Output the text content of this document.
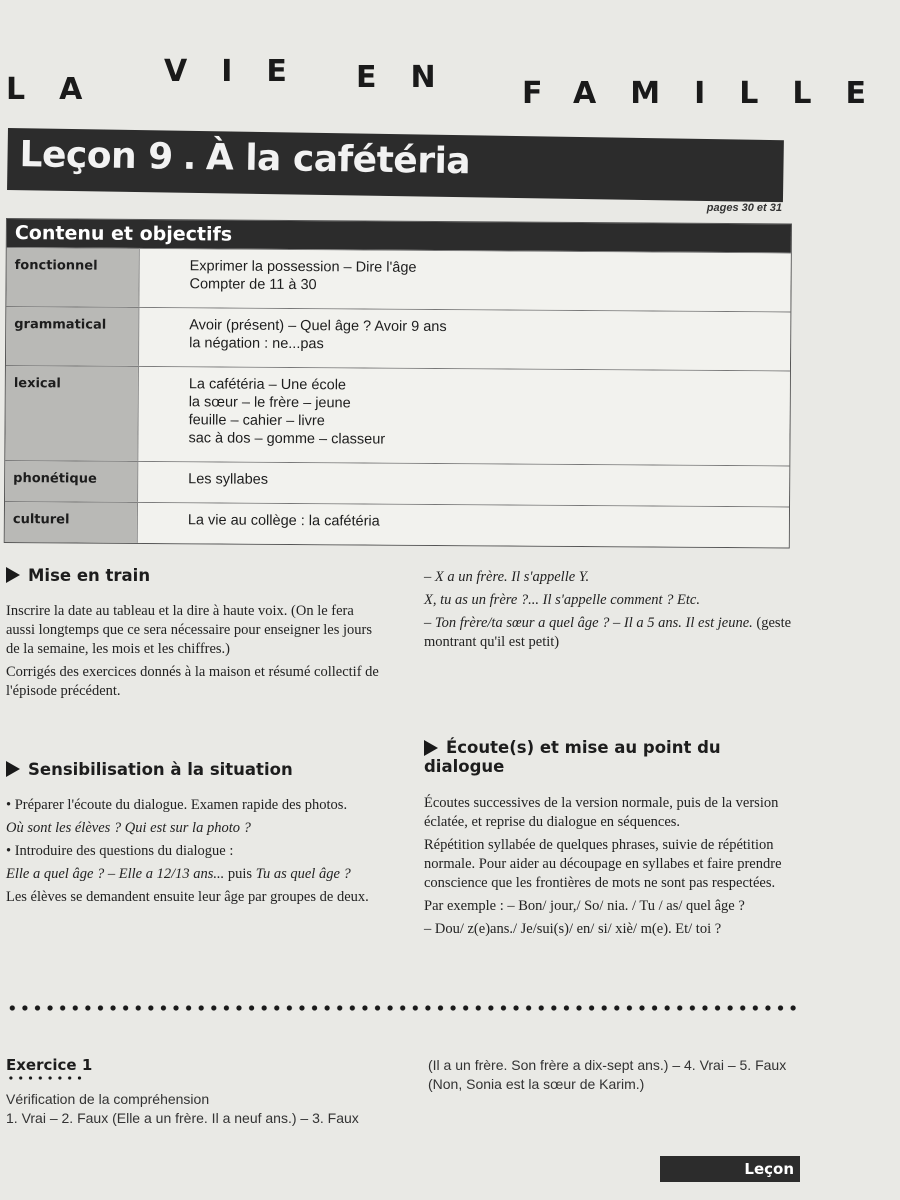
LA
VIE EN FAMILLE
Leçon 9 . À la cafétéria
pages 30 et 31
Contenu et objectifs
fonctionnel	Exprimer la possession – Dire l'âge
Compter de 11 à 30
grammatical	Avoir (présent) – Quel âge ? Avoir 9 ans
la négation : ne...pas
lexical	La cafétéria – Une école
la sœur – le frère – jeune
feuille – cahier – livre
sac à dos – gomme – classeur
phonétique	Les syllabes
culturel	La vie au collège : la cafétéria
Mise en train

Inscrire la date au tableau et la dire à haute voix. (On le fera aussi longtemps que ce sera nécessaire pour enseigner les jours de la semaine, les mois et les chiffres.)

Corrigés des exercices donnés à la maison et résumé collectif de l'épisode précédent.

Sensibilisation à la situation

• Préparer l'écoute du dialogue. Examen rapide des photos.

Où sont les élèves ? Qui est sur la photo ?

• Introduire des questions du dialogue :

Elle a quel âge ? – Elle a 12/13 ans... puis Tu as quel âge ?

Les élèves se demandent ensuite leur âge par groupes de deux.

– X a un frère. Il s'appelle Y.

X, tu as un frère ?... Il s'appelle comment ? Etc.

– Ton frère/ta sœur a quel âge ? – Il a 5 ans. Il est jeune. (geste montrant qu'il est petit)

Écoute(s) et mise au point du dialogue

Écoutes successives de la version normale, puis de la version éclatée, et reprise du dialogue en séquences.

Répétition syllabée de quelques phrases, suivie de répétition normale. Pour aider au découpage en syllabes et faire prendre conscience que les frontières de mots ne sont pas respectées.

Par exemple : – Bon/ jour,/ So/ nia. / Tu / as/ quel âge ?

– Dou/ z(e)ans./ Je/sui(s)/ en/ si/ xiè/ m(e). Et/ toi ?

Exercice 1
Vérification de la compréhension
1. Vrai – 2. Faux (Elle a un frère. Il a neuf ans.) – 3. Faux
(Il a un frère. Son frère a dix-sept ans.) – 4. Vrai – 5. Faux (Non, Sonia est la sœur de Karim.)
Leçon
